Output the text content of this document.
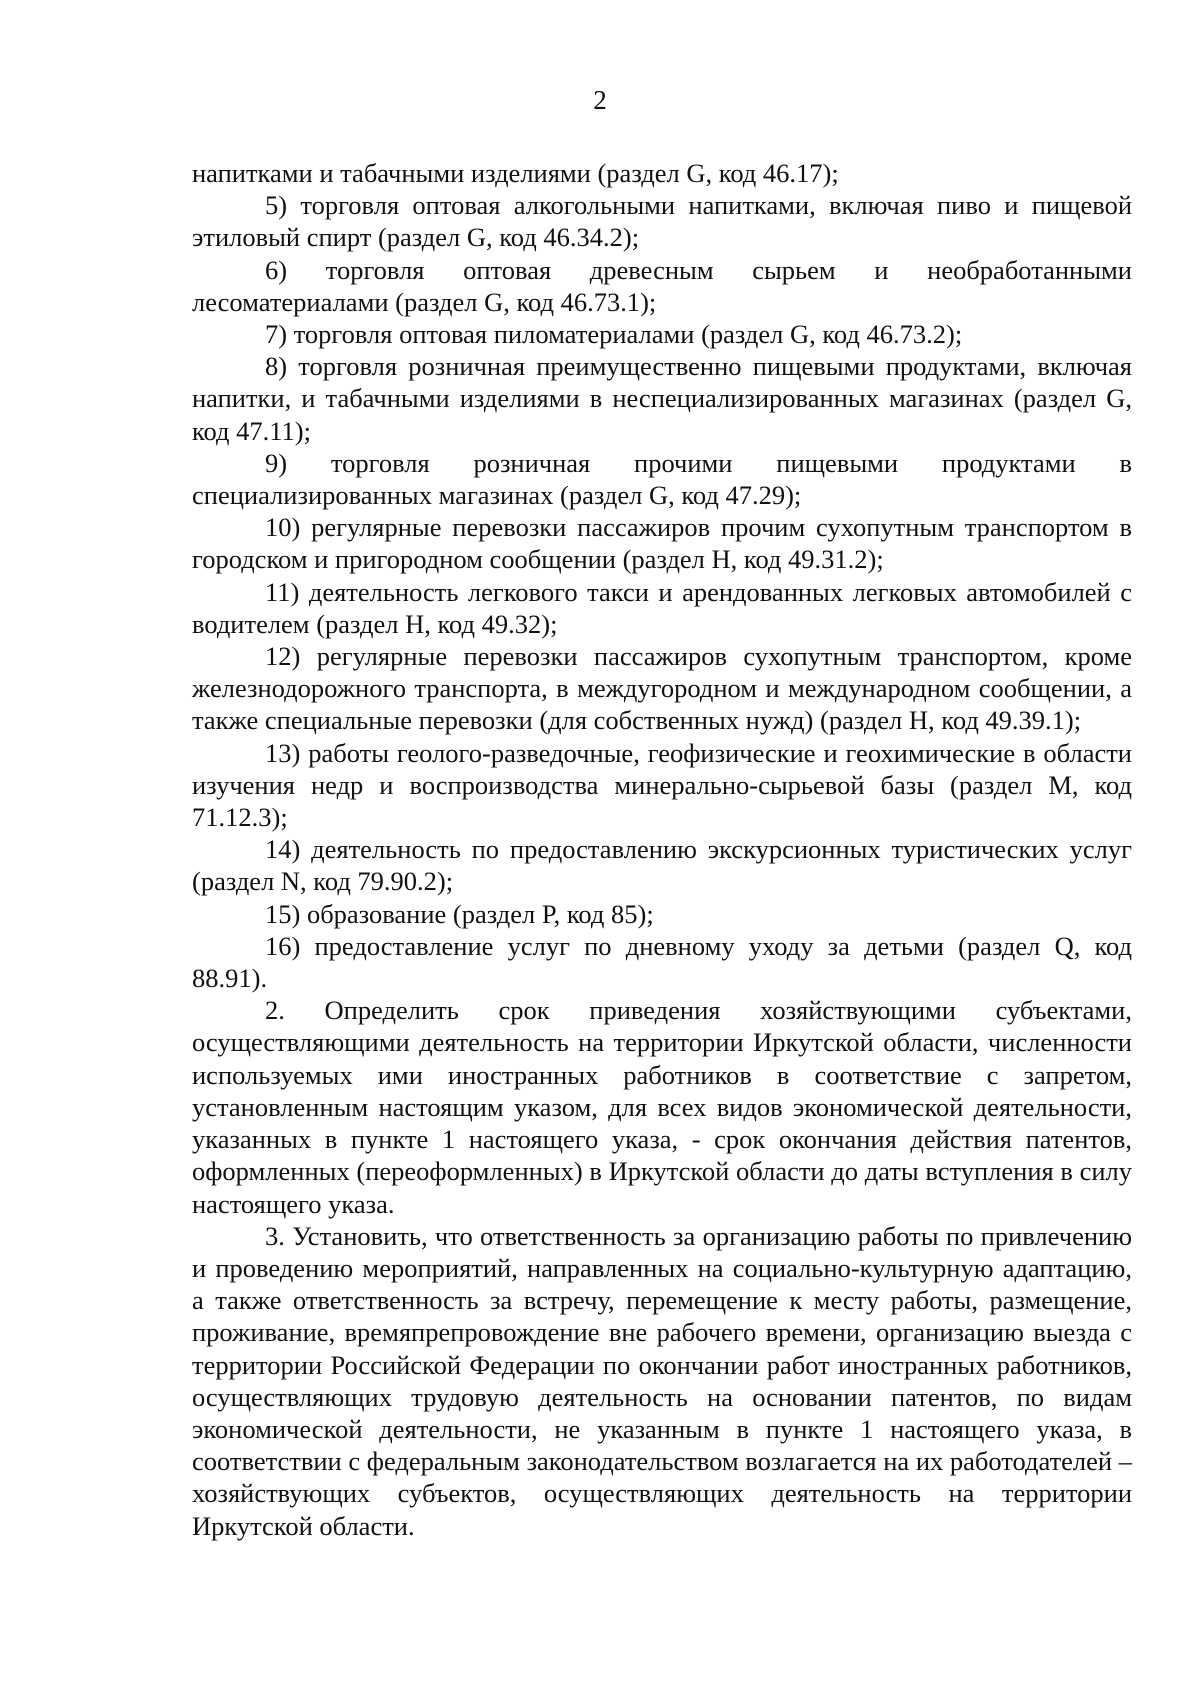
2

напитками и табачными изделиями (раздел G, код 46.17);

5) торговля оптовая алкогольными напитками, включая пиво и пищевой этиловый спирт (раздел G, код 46.34.2);

6) торговля оптовая древесным сырьем и необработанными лесоматериалами (раздел G, код 46.73.1);

7) торговля оптовая пиломатериалами (раздел G, код 46.73.2);

8) торговля розничная преимущественно пищевыми продуктами, включая напитки, и табачными изделиями в неспециализированных магазинах (раздел G, код 47.11);

9) торговля розничная прочими пищевыми продуктами в специализированных магазинах (раздел G, код 47.29);

10) регулярные перевозки пассажиров прочим сухопутным транспортом в городском и пригородном сообщении (раздел H, код 49.31.2);

11) деятельность легкового такси и арендованных легковых автомобилей с водителем (раздел H, код 49.32);

12) регулярные перевозки пассажиров сухопутным транспортом, кроме железнодорожного транспорта, в междугородном и международном сообщении, а также специальные перевозки (для собственных нужд) (раздел H, код 49.39.1);

13) работы геолого-разведочные, геофизические и геохимические в области изучения недр и воспроизводства минерально-сырьевой базы (раздел M, код 71.12.3);

14) деятельность по предоставлению экскурсионных туристических услуг (раздел N, код 79.90.2);

15) образование (раздел P, код 85);

16) предоставление услуг по дневному уходу за детьми (раздел Q, код 88.91).

2. Определить срок приведения хозяйствующими субъектами, осуществляющими деятельность на территории Иркутской области, численности используемых ими иностранных работников в соответствие с запретом, установленным настоящим указом, для всех видов экономической деятельности, указанных в пункте 1 настоящего указа, - срок окончания действия патентов, оформленных (переоформленных) в Иркутской области до даты вступления в силу настоящего указа.

3. Установить, что ответственность за организацию работы по привлечению и проведению мероприятий, направленных на социально-культурную адаптацию, а также ответственность за встречу, перемещение к месту работы, размещение, проживание, времяпрепровождение вне рабочего времени, организацию выезда с территории Российской Федерации по окончании работ иностранных работников, осуществляющих трудовую деятельность на основании патентов, по видам экономической деятельности, не указанным в пункте 1 настоящего указа, в соответствии с федеральным законодательством возлагается на их работодателей – хозяйствующих субъектов, осуществляющих деятельность на территории Иркутской области.
